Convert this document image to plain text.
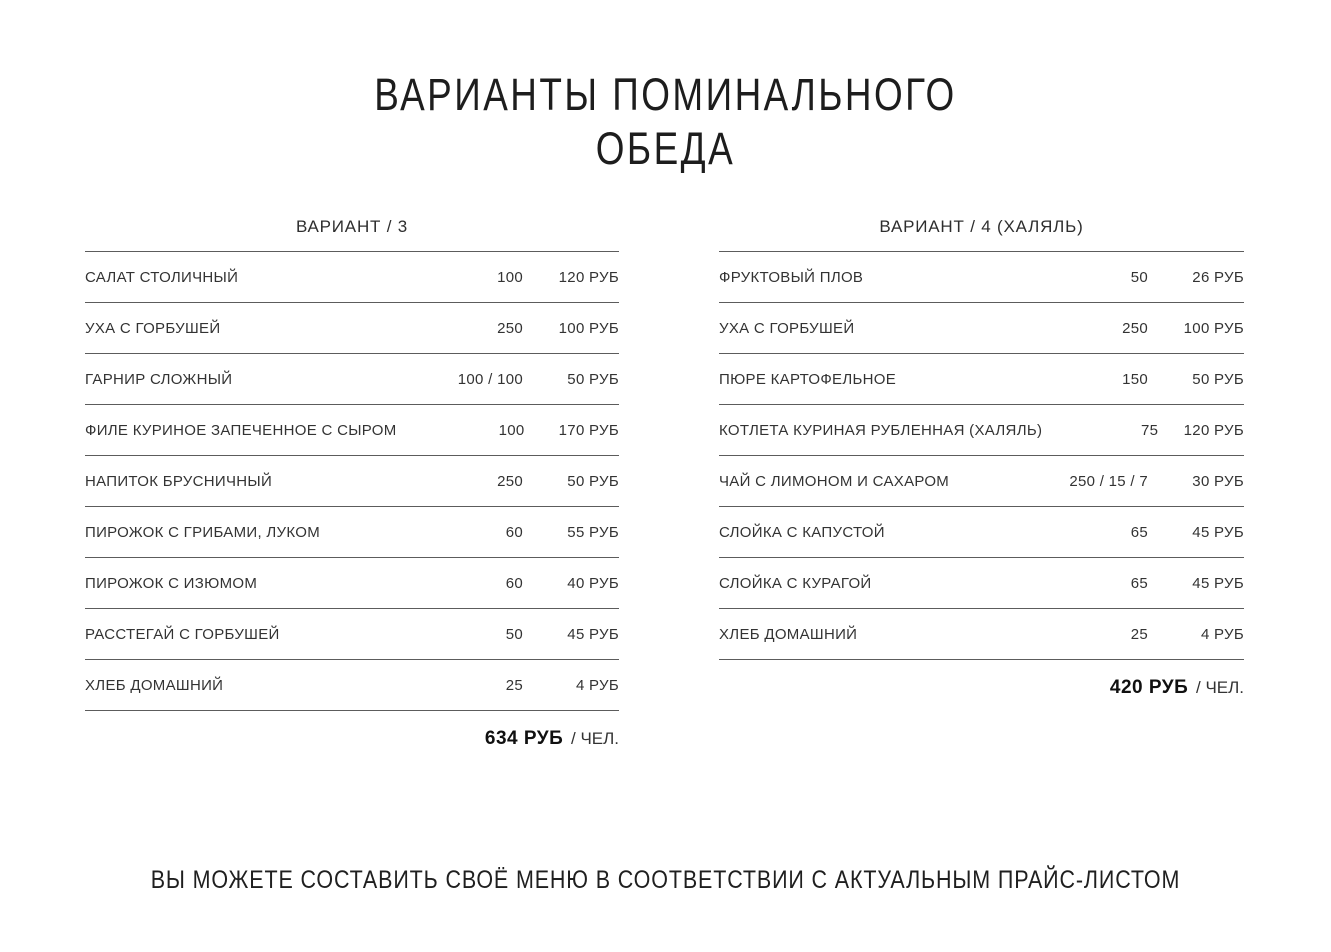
ВАРИАНТЫ ПОМИНАЛЬНОГО
ОБЕДА
ВАРИАНТ / 3
САЛАТ СТОЛИЧНЫЙ	100	120 РУБ
УХА С ГОРБУШЕЙ	250	100 РУБ
ГАРНИР СЛОЖНЫЙ	100 / 100	50 РУБ
ФИЛЕ КУРИНОЕ ЗАПЕЧЕННОЕ С СЫРОМ	100	170 РУБ
НАПИТОК БРУСНИЧНЫЙ	250	50 РУБ
ПИРОЖОК С ГРИБАМИ, ЛУКОМ	60	55 РУБ
ПИРОЖОК С ИЗЮМОМ	60	40 РУБ
РАССТЕГАЙ С ГОРБУШЕЙ	50	45 РУБ
ХЛЕБ ДОМАШНИЙ	25	4 РУБ
634 РУБ / ЧЕЛ.
ВАРИАНТ / 4 (ХАЛЯЛЬ)
ФРУКТОВЫЙ ПЛОВ	50	26 РУБ
УХА С ГОРБУШЕЙ	250	100 РУБ
ПЮРЕ КАРТОФЕЛЬНОЕ	150	50 РУБ
КОТЛЕТА КУРИНАЯ РУБЛЕННАЯ (ХАЛЯЛЬ)	75	120 РУБ
ЧАЙ С ЛИМОНОМ И САХАРОМ	250 / 15 / 7	30 РУБ
СЛОЙКА С КАПУСТОЙ	65	45 РУБ
СЛОЙКА С КУРАГОЙ	65	45 РУБ
ХЛЕБ ДОМАШНИЙ	25	4 РУБ
420 РУБ / ЧЕЛ.
ВЫ МОЖЕТЕ СОСТАВИТЬ СВОЁ МЕНЮ В СООТВЕТСТВИИ С АКТУАЛЬНЫМ ПРАЙС-ЛИСТОМ
